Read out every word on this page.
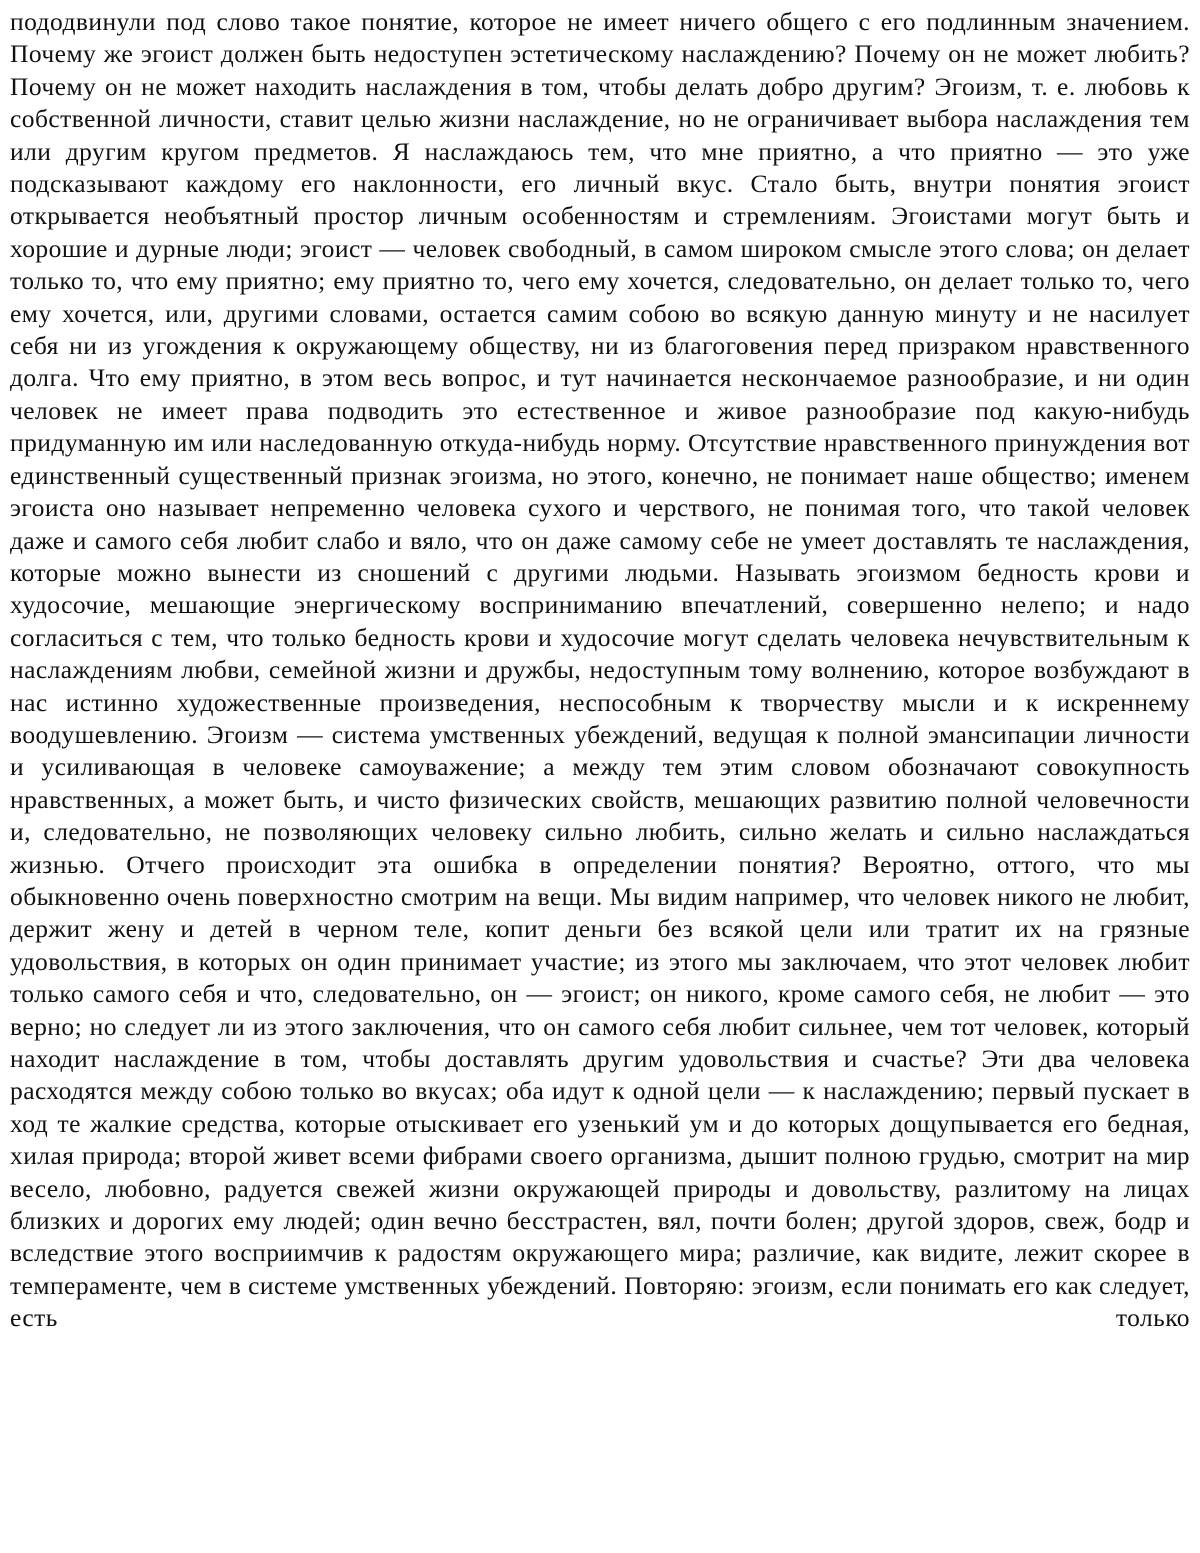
пододвинули под слово такое понятие, которое не имеет ничего общего с его подлинным значением. Почему же эгоист должен быть недоступен эстетическому наслаждению? Почему он не может любить? Почему он не может находить наслаждения в том, чтобы делать добро другим? Эгоизм, т. е. любовь к собственной личности, ставит целью жизни наслаждение, но не ограничивает выбора наслаждения тем или другим кругом предметов. Я наслаждаюсь тем, что мне приятно, а что приятно — это уже подсказывают каждому его наклонности, его личный вкус. Стало быть, внутри понятия эгоист открывается необъятный простор личным особенностям и стремлениям. Эгоистами могут быть и хорошие и дурные люди; эгоист — человек свободный, в самом широком смысле этого слова; он делает только то, что ему приятно; ему приятно то, чего ему хочется, следовательно, он делает только то, чего ему хочется, или, другими словами, остается самим собою во всякую данную минуту и не насилует себя ни из угождения к окружающему обществу, ни из благоговения перед призраком нравственного долга. Что ему приятно, в этом весь вопрос, и тут начинается нескончаемое разнообразие, и ни один человек не имеет права подводить это естественное и живое разнообразие под какую-нибудь придуманную им или наследованную откуда-нибудь норму. Отсутствие нравственного принуждения вот единственный существенный признак эгоизма, но этого, конечно, не понимает наше общество; именем эгоиста оно называет непременно человека сухого и черствого, не понимая того, что такой человек даже и самого себя любит слабо и вяло, что он даже самому себе не умеет доставлять те наслаждения, которые можно вынести из сношений с другими людьми. Называть эгоизмом бедность крови и худосочие, мешающие энергическому восприниманию впечатлений, совершенно нелепо; и надо согласиться с тем, что только бедность крови и худосочие могут сделать человека нечувствительным к наслаждениям любви, семейной жизни и дружбы, недоступным тому волнению, которое возбуждают в нас истинно художественные произведения, неспособным к творчеству мысли и к искреннему воодушевлению. Эгоизм — система умственных убеждений, ведущая к полной эмансипации личности и усиливающая в человеке самоуважение; а между тем этим словом обозначают совокупность нравственных, а может быть, и чисто физических свойств, мешающих развитию полной человечности и, следовательно, не позволяющих человеку сильно любить, сильно желать и сильно наслаждаться жизнью. Отчего происходит эта ошибка в определении понятия? Вероятно, оттого, что мы обыкновенно очень поверхностно смотрим на вещи. Мы видим например, что человек никого не любит, держит жену и детей в черном теле, копит деньги без всякой цели или тратит их на грязные удовольствия, в которых он один принимает участие; из этого мы заключаем, что этот человек любит только самого себя и что, следовательно, он — эгоист; он никого, кроме самого себя, не любит — это верно; но следует ли из этого заключения, что он самого себя любит сильнее, чем тот человек, который находит наслаждение в том, чтобы доставлять другим удовольствия и счастье? Эти два человека расходятся между собою только во вкусах; оба идут к одной цели — к наслаждению; первый пускает в ход те жалкие средства, которые отыскивает его узенький ум и до которых дощупывается его бедная, хилая природа; второй живет всеми фибрами своего организма, дышит полною грудью, смотрит на мир весело, любовно, радуется свежей жизни окружающей природы и довольству, разлитому на лицах близких и дорогих ему людей; один вечно бесстрастен, вял, почти болен; другой здоров, свеж, бодр и вследствие этого восприимчив к радостям окружающего мира; различие, как видите, лежит скорее в темпераменте, чем в системе умственных убеждений. Повторяю: эгоизм, если понимать его как следует, есть только
